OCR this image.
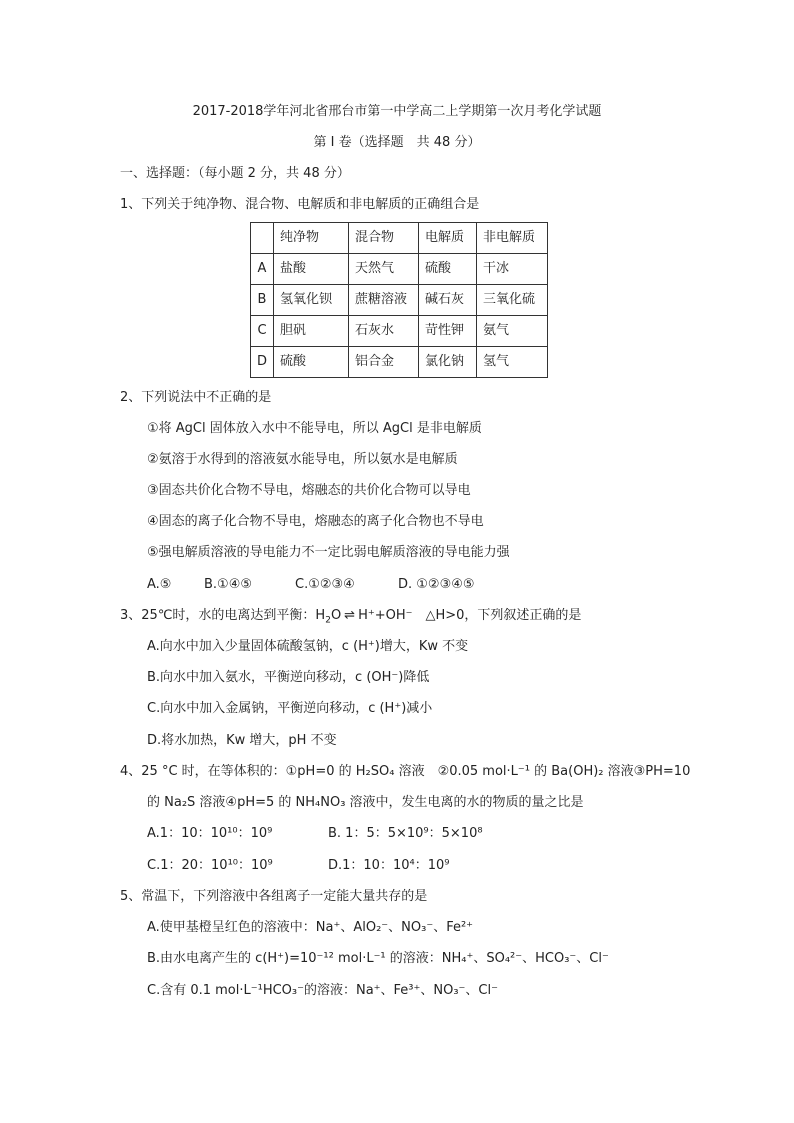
2017-2018学年河北省邢台市第一中学高二上学期第一次月考化学试题
第 I 卷（选择题　共 48 分）
一、选择题：（每小题 2 分，共 48 分）
1、下列关于纯净物、混合物、电解质和非电解质的正确组合是
	纯净物	混合物	电解质	非电解质
A	盐酸	天然气	硫酸	干冰
B	氢氧化钡	蔗糖溶液	碱石灰	三氧化硫
C	胆矾	石灰水	苛性钾	氨气
D	硫酸	铝合金	氯化钠	氢气
2、下列说法中不正确的是
①将 AgCl 固体放入水中不能导电，所以 AgCl 是非电解质
②氨溶于水得到的溶液氨水能导电，所以氨水是电解质
③固态共价化合物不导电，熔融态的共价化合物可以导电
④固态的离子化合物不导电，熔融态的离子化合物也不导电
⑤强电解质溶液的导电能力不一定比弱电解质溶液的导电能力强
A.⑤	B.①④⑤	C.①②③④	D. ①②③④⑤
3、25℃时，水的电离达到平衡：$H_2O$ ⇌ H⁺+OH⁻　△H>0，下列叙述正确的是
A.向水中加入少量固体硫酸氢钠，c (H⁺)增大，Kw 不变
B.向水中加入氨水，平衡逆向移动，c (OH⁻)降低
C.向水中加入金属钠，平衡逆向移动，c (H⁺)减小
D.将水加热，Kw 增大，pH 不变
4、25 °C 时，在等体积的：①pH=0 的 H₂SO₄ 溶液　②0.05 mol·L⁻¹ 的 Ba(OH)₂ 溶液③PH=10
的 Na₂S 溶液④pH=5 的 NH₄NO₃ 溶液中，发生电离的水的物质的量之比是
A.1：10：10¹⁰：10⁹	B. 1：5：5×10⁹：5×10⁸
C.1：20：10¹⁰：10⁹	D.1：10：10⁴：10⁹
5、常温下，下列溶液中各组离子一定能大量共存的是
A.使甲基橙呈红色的溶液中：Na⁺、AlO₂⁻、NO₃⁻、Fe²⁺
B.由水电离产生的 c(H⁺)=10⁻¹² mol·L⁻¹ 的溶液：NH₄⁺、SO₄²⁻、HCO₃⁻、Cl⁻
C.含有 0.1 mol·L⁻¹HCO₃⁻的溶液：Na⁺、Fe³⁺、NO₃⁻、Cl⁻
